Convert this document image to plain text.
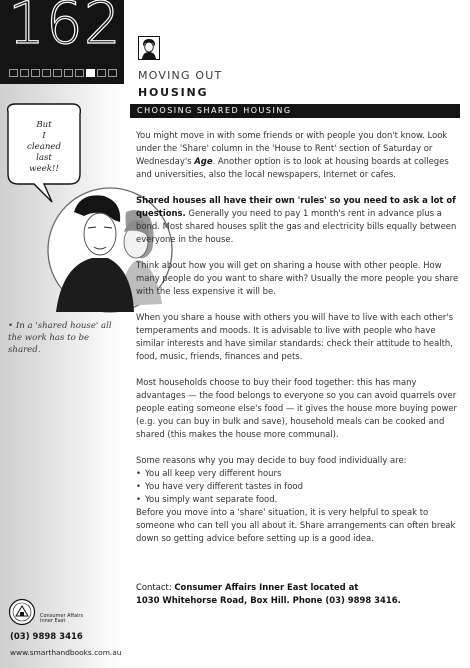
162
MOVING OUT
HOUSING
CHOOSING SHARED HOUSING
But
I
cleaned
last
week!!
• In a 'shared house' all the work has to be shared.

You might move in with some friends or with people you don't know. Look under the 'Share' column in the 'House to Rent' section of Saturday or Wednesday's Age. Another option is to look at housing boards at colleges and universities, also the local newspapers, Internet or cafes.

Shared houses all have their own 'rules' so you need to ask a lot of questions. Generally you need to pay 1 month's rent in advance plus a bond. Most shared houses split the gas and electricity bills equally between everyone in the house.

Think about how you will get on sharing a house with other people. How many people do you want to share with? Usually the more people you share with the less expensive it will be.

When you share a house with others you will have to live with each other's temperaments and moods. It is advisable to live with people who have similar interests and have similar standards: check their attitude to health, food, music, friends, finances and pets.

Most households choose to buy their food together: this has many advantages — the food belongs to everyone so you can avoid quarrels over people eating someone else's food — it gives the house more buying power (e.g. you can buy in bulk and save), household meals can be cooked and shared (this makes the house more communal).

Some reasons why you may decide to buy food individually are:

• You all keep very different hours
• You have very different tastes in food
• You simply want separate food.

Before you move into a 'share' situation, it is very helpful to speak to someone who can tell you all about it. Share arrangements can often break down so getting advice before setting up is a good idea.

Contact: Consumer Affairs Inner East located at
1030 Whitehorse Road, Box Hill. Phone (03) 9898 3416.
Consumer Affairs
Inner East
(03) 9898 3416
www.smarthandbooks.com.au
